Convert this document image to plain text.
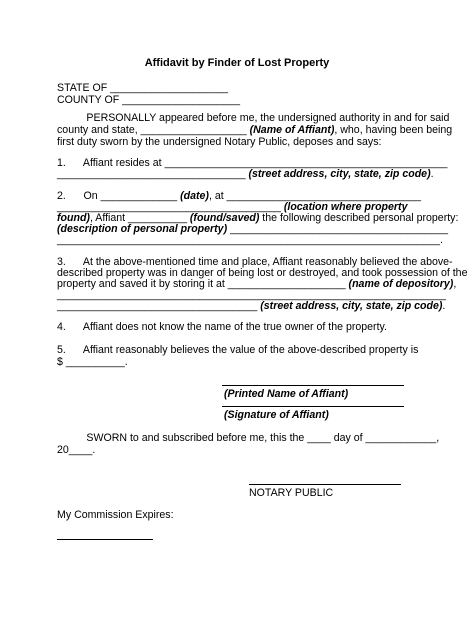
Affidavit by Finder of Lost Property
STATE OF ____________________
COUNTY OF ____________________
PERSONALLY appeared before me, the undersigned authority in and for said
county and state, __________________ (Name of Affiant), who, having been being
first duty sworn by the undersigned Notary Public, deposes and says:
1.      Affiant resides at ________________________________________________
________________________________ (street address, city, state, zip code).
2.      On _____________ (date), at _________________________________
______________________________________ (location where property
found), Affiant __________ (found/saved) the following described personal property:
(description of personal property) _____________________________________
_________________________________________________________________.
3.      At the above-mentioned time and place, Affiant reasonably believed the above-
described property was in danger of being lost or destroyed, and took possession of the
property and saved it by storing it at ____________________ (name of depository),
__________________________________________________________________
__________________________________ (street address, city, state, zip code).
4.      Affiant does not know the name of the true owner of the property.
5.      Affiant reasonably believes the value of the above-described property is
$ __________.
(Printed Name of Affiant)
(Signature of Affiant)
SWORN to and subscribed before me, this the ____ day of ____________,
20____.
NOTARY PUBLIC
My Commission Expires:
